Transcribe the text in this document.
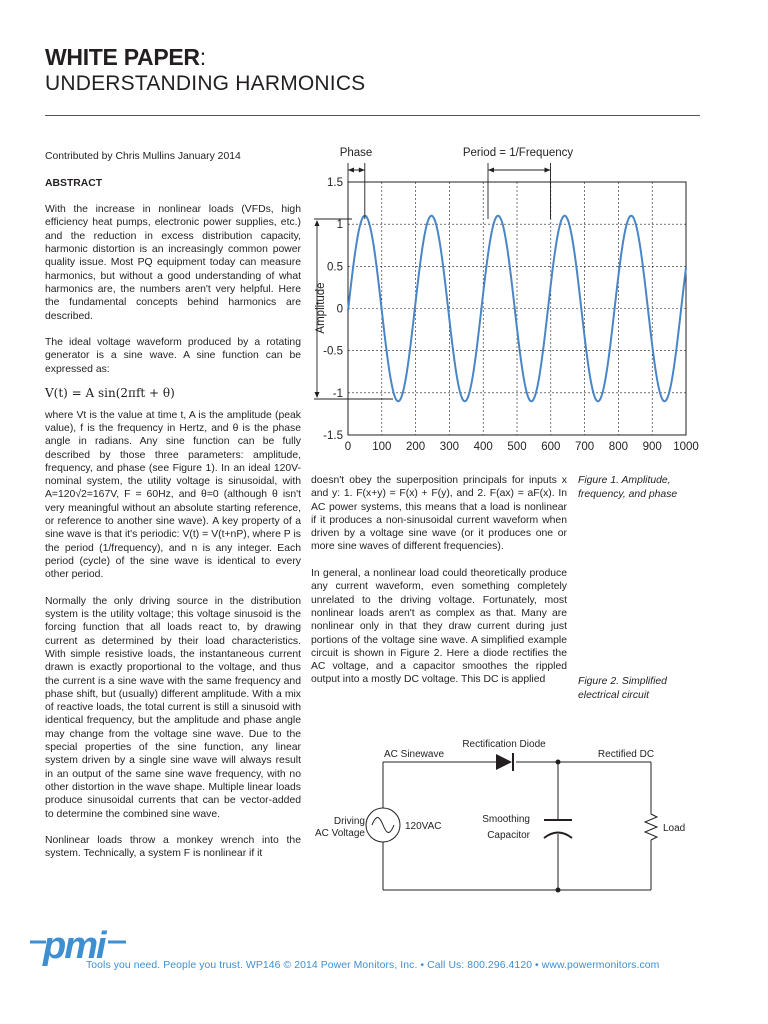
WHITE PAPER:
UNDERSTANDING HARMONICS

Contributed by Chris Mullins January 2014

ABSTRACT

With the increase in nonlinear loads (VFDs, high efficiency heat pumps, electronic power supplies, etc.) and the reduction in excess distribution capacity, harmonic distortion is an increasingly common power quality issue. Most PQ equipment today can measure harmonics, but without a good understanding of what harmonics are, the numbers aren't very helpful. Here the fundamental concepts behind harmonics are described.

The ideal voltage waveform produced by a rotating generator is a sine wave. A sine function can be expressed as:

V(t) = A sin(2πft + θ)

where Vt is the value at time t, A is the amplitude (peak value), f is the frequency in Hertz, and θ is the phase angle in radians. Any sine function can be fully described by those three parameters: amplitude, frequency, and phase (see Figure 1). In an ideal 120V-nominal system, the utility voltage is sinusoidal, with A=120√2=167V, F = 60Hz, and θ=0 (although θ isn't very meaningful without an absolute starting reference, or reference to another sine wave). A key property of a sine wave is that it's periodic: V(t) = V(t+nP), where P is the period (1/frequency), and n is any integer. Each period (cycle) of the sine wave is identical to every other period.

Normally the only driving source in the distribution system is the utility voltage; this voltage sinusoid is the forcing function that all loads react to, by drawing current as determined by their load characteristics. With simple resistive loads, the instantaneous current drawn is exactly proportional to the voltage, and thus the current is a sine wave with the same frequency and phase shift, but (usually) different amplitude. With a mix of reactive loads, the total current is still a sinusoid with identical frequency, but the amplitude and phase angle may change from the voltage sine wave. Due to the special properties of the sine function, any linear system driven by a single sine wave will always result in an output of the same sine wave frequency, with no other distortion in the wave shape. Multiple linear loads produce sinusoidal currents that can be vector-added to determine the combined sine wave.

Nonlinear loads throw a monkey wrench into the system. Technically, a system F is nonlinear if it

doesn't obey the superposition principals for inputs x and y: 1. F(x+y) = F(x) + F(y), and 2. F(ax) = aF(x). In AC power systems, this means that a load is nonlinear if it produces a non-sinusoidal current waveform when driven by a voltage sine wave (or it produces one or more sine waves of different frequencies).

In general, a nonlinear load could theoretically produce any current waveform, even something completely unrelated to the driving voltage. Fortunately, most nonlinear loads aren't as complex as that. Many are nonlinear only in that they draw current during just portions of the voltage sine wave. A simplified example circuit is shown in Figure 2. Here a diode rectifies the AC voltage, and a capacitor smoothes the rippled output into a mostly DC voltage. This DC is applied

Figure 1. Amplitude, frequency, and phase
Figure 2. Simplified electrical circuit
1.5
1
0.5
0
-0.5
-1
-1.5
0 100 200 300 400 500 600 700 800 900 1000
Amplitude
Phase	Period = 1/Frequency
AC Sinewave
Rectification Diode
Rectified DC
Driving
AC Voltage
120VAC
Smoothing
Capacitor
Load
pmi
Tools you need. People you trust. WP146 © 2014 Power Monitors, Inc. • Call Us: 800.296.4120 • www.powermonitors.com
